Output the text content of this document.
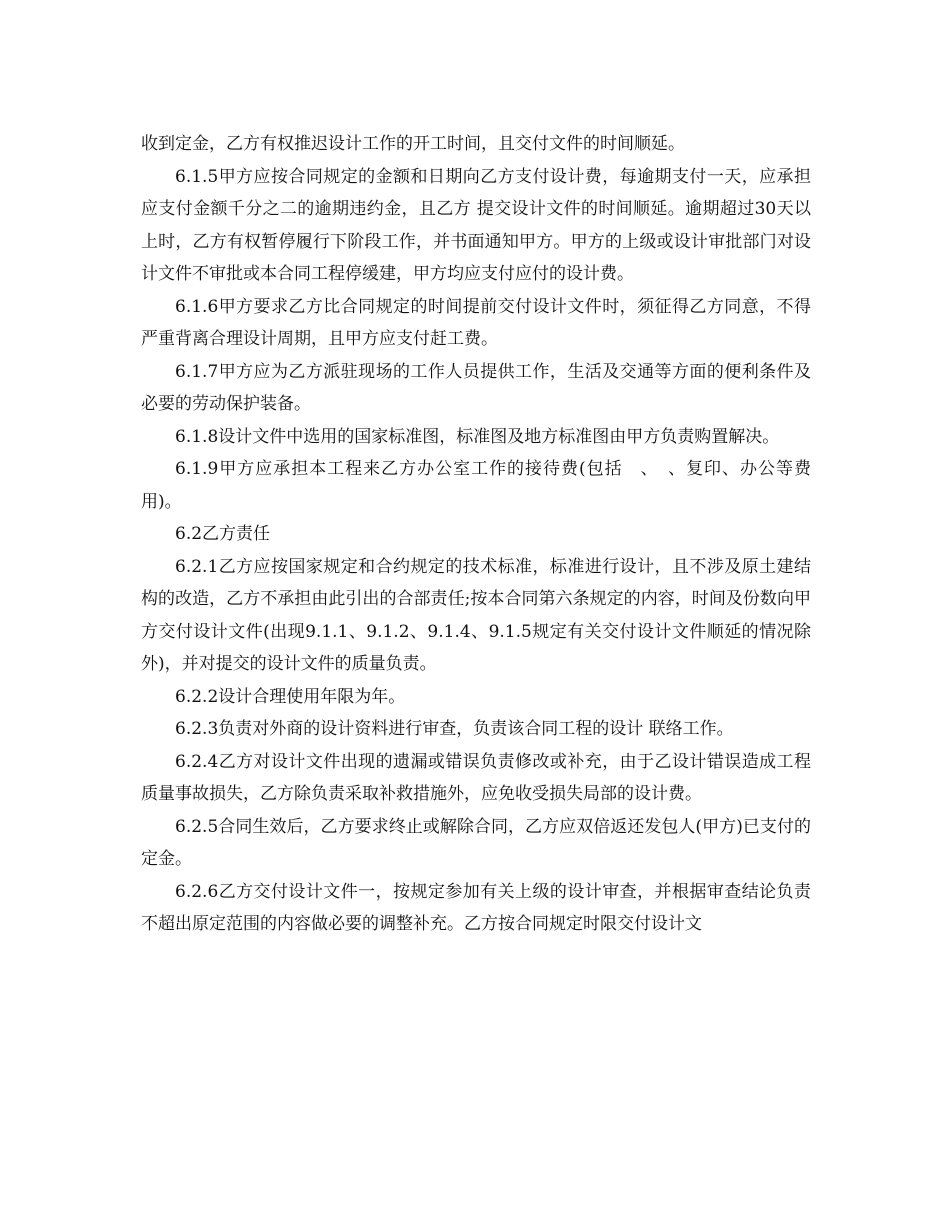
收到定金，乙方有权推迟设计工作的开工时间，且交付文件的时间顺延。

6.1.5甲方应按合同规定的金额和日期向乙方支付设计费，每逾期支付一天，应承担应支付金额千分之二的逾期违约金，且乙方 提交设计文件的时间顺延。逾期超过30天以上时，乙方有权暂停履行下阶段工作，并书面通知甲方。甲方的上级或设计审批部门对设计文件不审批或本合同工程停缓建，甲方均应支付应付的设计费。

6.1.6甲方要求乙方比合同规定的时间提前交付设计文件时，须征得乙方同意，不得严重背离合理设计周期，且甲方应支付赶工费。

6.1.7甲方应为乙方派驻现场的工作人员提供工作，生活及交通等方面的便利条件及必要的劳动保护装备。

6.1.8设计文件中选用的国家标准图，标准图及地方标准图由甲方负责购置解决。

6.1.9甲方应承担本工程来乙方办公室工作的接待费(包括　、　、复印、办公等费用)。

6.2乙方责任

6.2.1乙方应按国家规定和合约规定的技术标准，标准进行设计，且不涉及原土建结构的改造，乙方不承担由此引出的合部责任;按本合同第六条规定的内容，时间及份数向甲方交付设计文件(出现9.1.1、9.1.2、9.1.4、9.1.5规定有关交付设计文件顺延的情况除外)，并对提交的设计文件的质量负责。

6.2.2设计合理使用年限为年。

6.2.3负责对外商的设计资料进行审查，负责该合同工程的设计 联络工作。

6.2.4乙方对设计文件出现的遗漏或错误负责修改或补充，由于乙设计错误造成工程质量事故损失，乙方除负责采取补救措施外，应免收受损失局部的设计费。

6.2.5合同生效后，乙方要求终止或解除合同，乙方应双倍返还发包人(甲方)已支付的定金。

6.2.6乙方交付设计文件一，按规定参加有关上级的设计审查，并根据审查结论负责不超出原定范围的内容做必要的调整补充。乙方按合同规定时限交付设计文
